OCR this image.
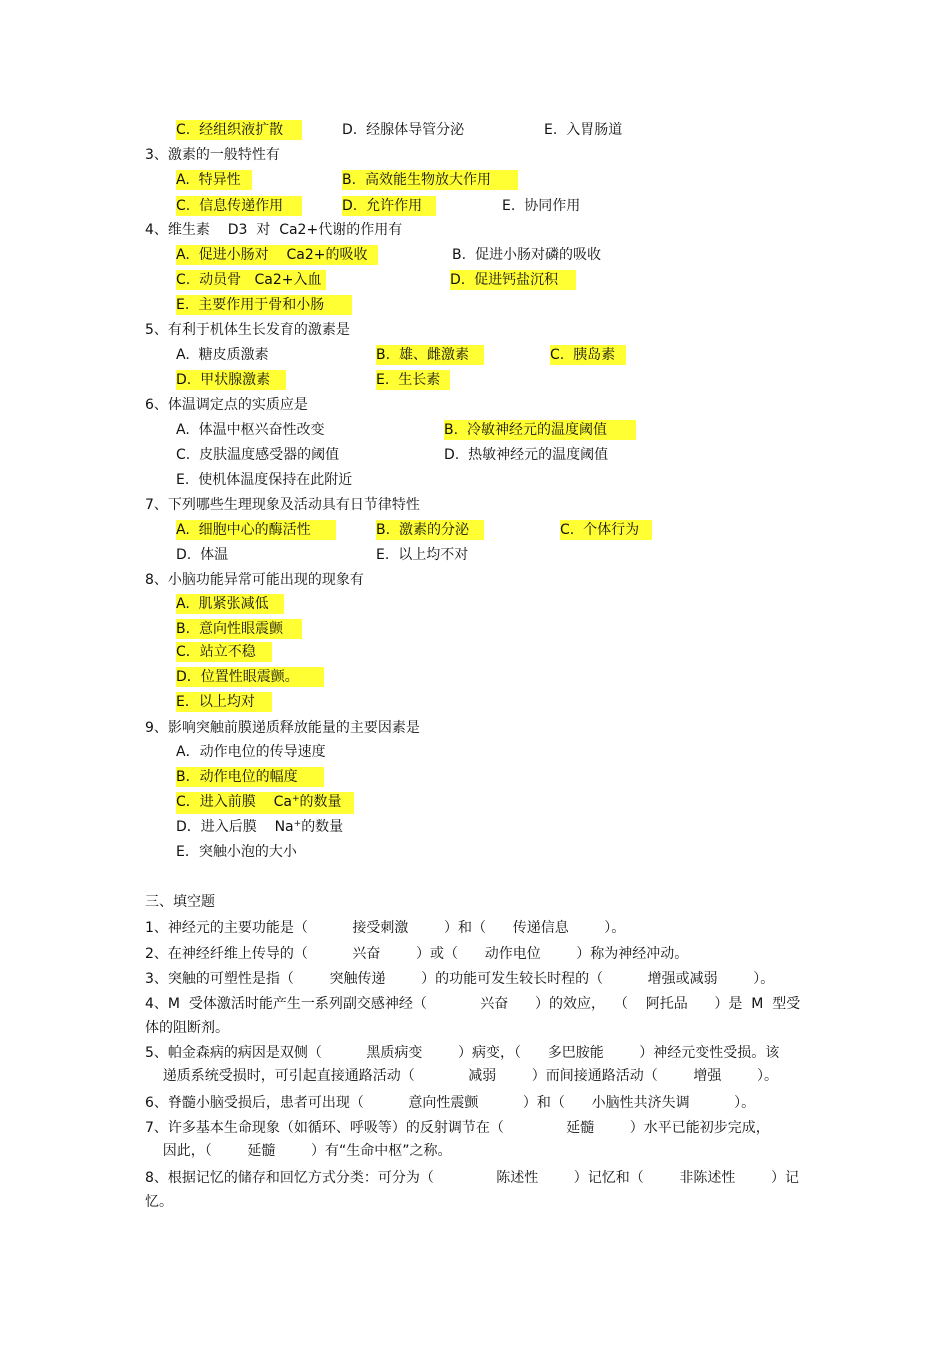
C.  经组织液扩散	D.  经腺体导管分泌	E.  入胃肠道
3、激素的一般特性有
A.  特异性	B.  高效能生物放大作用
C.  信息传递作用	D.  允许作用	E.  协同作用
4、维生素    D3  对  Ca2+代谢的作用有
A.  促进小肠对    Ca2+的吸收	B.  促进小肠对磷的吸收
C.  动员骨   Ca2+入血	D.  促进钙盐沉积
E.  主要作用于骨和小肠
5、有利于机体生长发育的激素是
A.  糖皮质激素	B.  雄、雌激素	C.  胰岛素
D.  甲状腺激素	E.  生长素
6、体温调定点的实质应是
A.  体温中枢兴奋性改变	B.  冷敏神经元的温度阈值
C.  皮肤温度感受器的阈值	D.  热敏神经元的温度阈值
E.  使机体温度保持在此附近
7、下列哪些生理现象及活动具有日节律特性
A.  细胞中心的酶活性	B.  激素的分泌	C.  个体行为
D.  体温	E.  以上均不对
8、小脑功能异常可能出现的现象有
A.  肌紧张减低
B.  意向性眼震颤
C．站立不稳
D．位置性眼震颤。
E．以上均对
9、影响突触前膜递质释放能量的主要因素是
A．动作电位的传导速度
B．动作电位的幅度
C．进入前膜    Ca+的数量
D．进入后膜    Na+的数量
E．突触小泡的大小
三、填空题
1、神经元的主要功能是（          接受刺激        ）和（      传递信息        ）。
2、在神经纤维上传导的（          兴奋        ）或（      动作电位        ）称为神经冲动。
3、突触的可塑性是指（        突触传递        ）的功能可发生较长时程的（          增强或减弱        ）。
4、M  受体激活时能产生一系列副交感神经（            兴奋      ）的效应，  （    阿托品      ）是  M  型受
体的阻断剂。
5、帕金森病的病因是双侧（          黑质病变        ）病变，（      多巴胺能        ）神经元变性受损。该
递质系统受损时，可引起直接通路活动（            减弱        ）而间接通路活动（        增强        ）。
6、脊髓小脑受损后，患者可出现（          意向性震颤          ）和（      小脑性共济失调          ）。
7、许多基本生命现象（如循环、呼吸等）的反射调节在（              延髓        ）水平已能初步完成，
因此，（        延髓        ）有“生命中枢”之称。
8、根据记忆的储存和回忆方式分类：可分为（              陈述性        ）记忆和（        非陈述性        ）记
忆。
